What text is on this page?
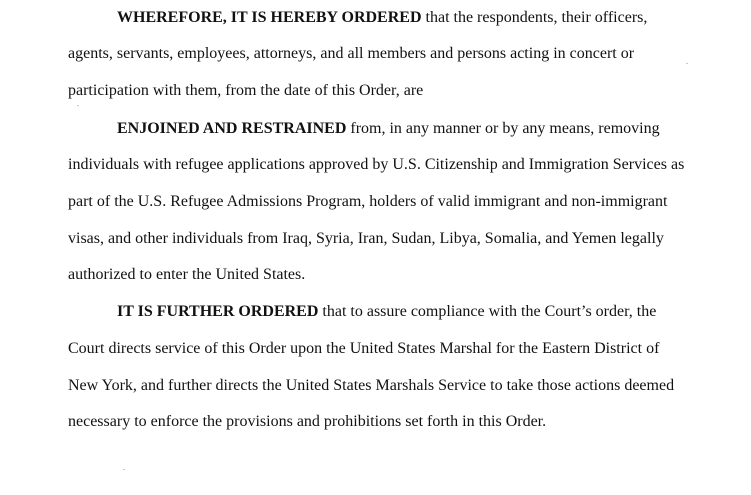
WHEREFORE, IT IS HEREBY ORDERED that the respondents, their officers,
agents, servants, employees, attorneys, and all members and persons acting in concert or
participation with them, from the date of this Order, are
ENJOINED AND RESTRAINED from, in any manner or by any means, removing
individuals with refugee applications approved by U.S. Citizenship and Immigration Services as
part of the U.S. Refugee Admissions Program, holders of valid immigrant and non-immigrant
visas, and other individuals from Iraq, Syria, Iran, Sudan, Libya, Somalia, and Yemen legally
authorized to enter the United States.
IT IS FURTHER ORDERED that to assure compliance with the Court’s order, the
Court directs service of this Order upon the United States Marshal for the Eastern District of
New York, and further directs the United States Marshals Service to take those actions deemed
necessary to enforce the provisions and prohibitions set forth in this Order.
